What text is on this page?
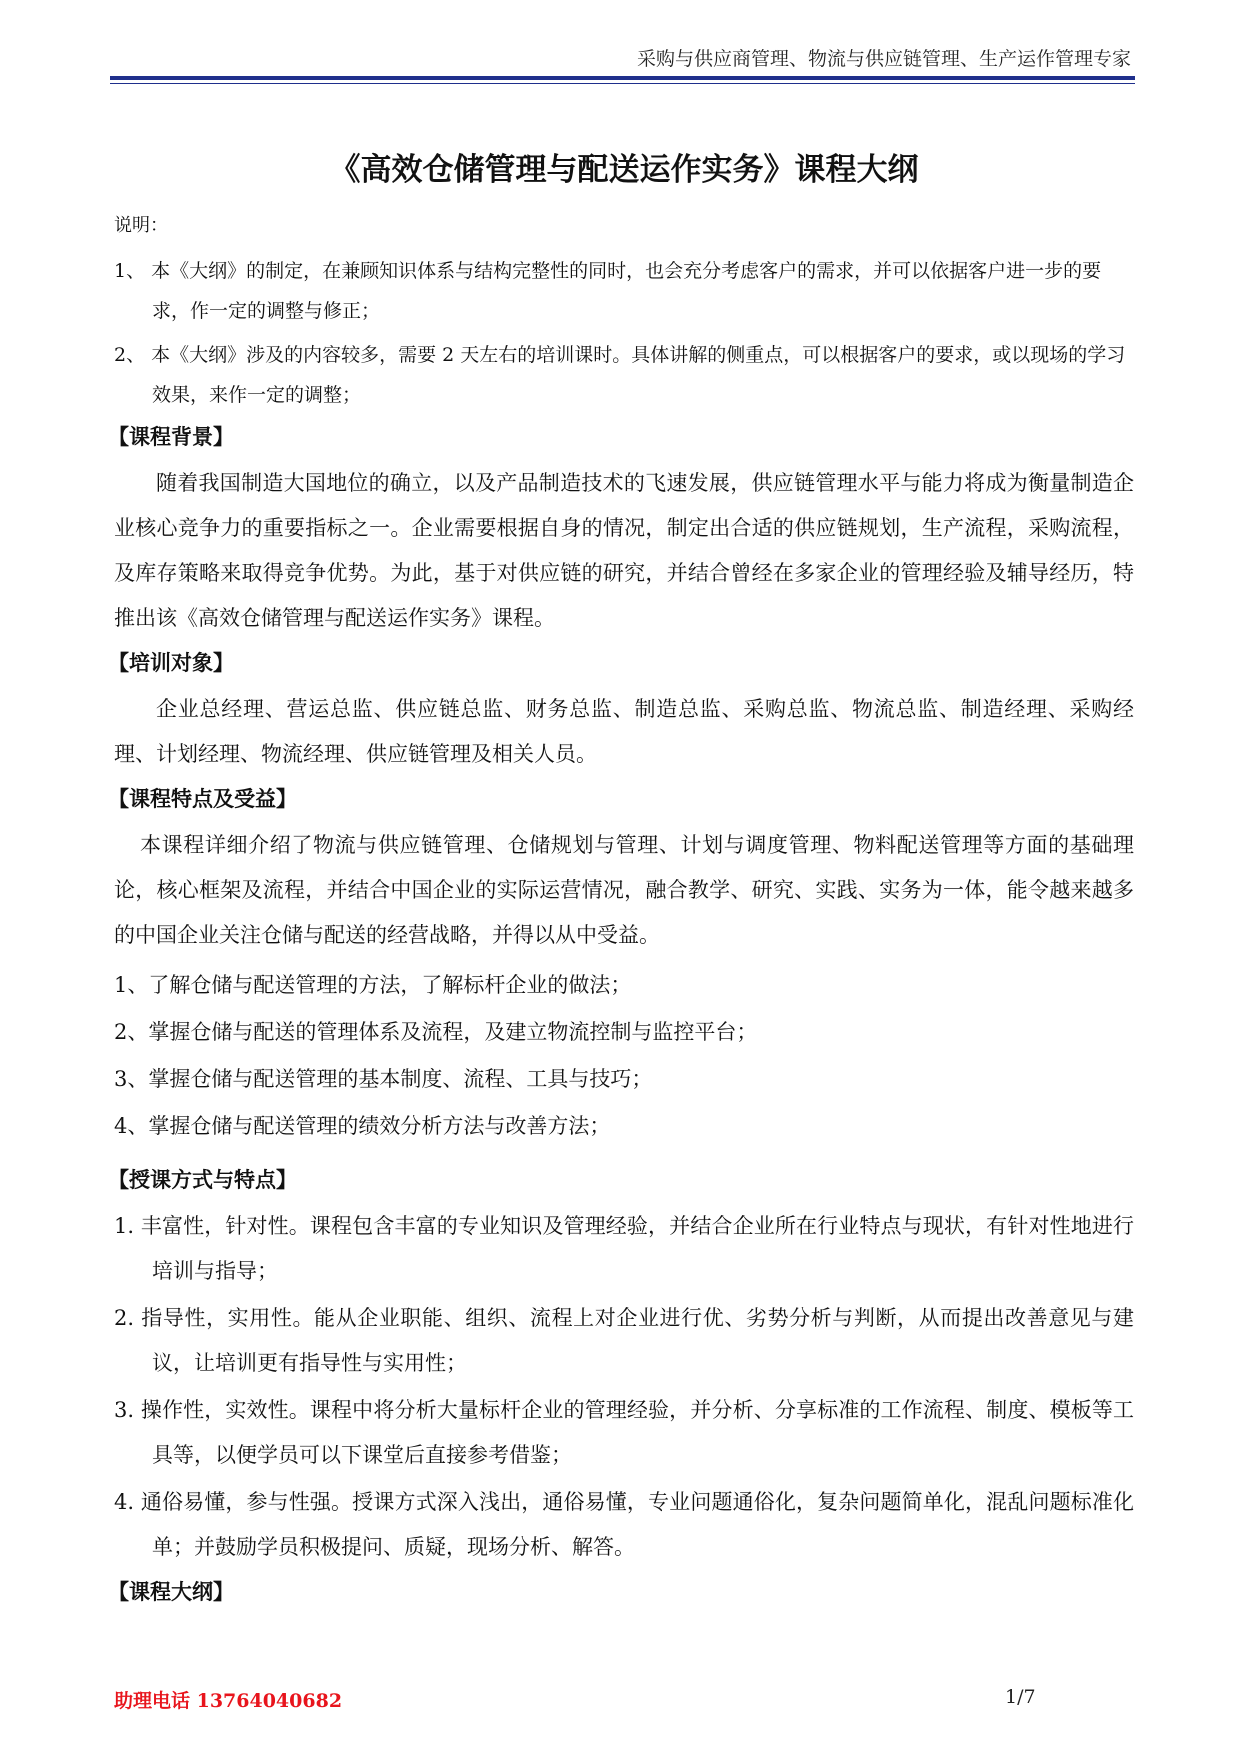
采购与供应商管理、物流与供应链管理、生产运作管理专家
《高效仓储管理与配送运作实务》课程大纲
说明：
1、 本《大纲》的制定，在兼顾知识体系与结构完整性的同时，也会充分考虑客户的需求，并可以依据客户进一步的要求，作一定的调整与修正；
2、 本《大纲》涉及的内容较多，需要 2 天左右的培训课时。具体讲解的侧重点，可以根据客户的要求，或以现场的学习效果，来作一定的调整；
【课程背景】
随着我国制造大国地位的确立，以及产品制造技术的飞速发展，供应链管理水平与能力将成为衡量制造企业核心竞争力的重要指标之一。企业需要根据自身的情况，制定出合适的供应链规划，生产流程，采购流程，及库存策略来取得竞争优势。为此，基于对供应链的研究，并结合曾经在多家企业的管理经验及辅导经历，特推出该《高效仓储管理与配送运作实务》课程。
【培训对象】
企业总经理、营运总监、供应链总监、财务总监、制造总监、采购总监、物流总监、制造经理、采购经理、计划经理、物流经理、供应链管理及相关人员。
【课程特点及受益】
本课程详细介绍了物流与供应链管理、仓储规划与管理、计划与调度管理、物料配送管理等方面的基础理论，核心框架及流程，并结合中国企业的实际运营情况，融合教学、研究、实践、实务为一体，能令越来越多的中国企业关注仓储与配送的经营战略，并得以从中受益。
1、了解仓储与配送管理的方法，了解标杆企业的做法；
2、掌握仓储与配送的管理体系及流程，及建立物流控制与监控平台；
3、掌握仓储与配送管理的基本制度、流程、工具与技巧；
4、掌握仓储与配送管理的绩效分析方法与改善方法；
【授课方式与特点】
1. 丰富性，针对性。课程包含丰富的专业知识及管理经验，并结合企业所在行业特点与现状，有针对性地进行培训与指导；
2. 指导性，实用性。能从企业职能、组织、流程上对企业进行优、劣势分析与判断，从而提出改善意见与建议，让培训更有指导性与实用性；
3. 操作性，实效性。课程中将分析大量标杆企业的管理经验，并分析、分享标准的工作流程、制度、模板等工具等，以便学员可以下课堂后直接参考借鉴；
4. 通俗易懂，参与性强。授课方式深入浅出，通俗易懂，专业问题通俗化，复杂问题简单化，混乱问题标准化单；并鼓励学员积极提问、质疑，现场分析、解答。
【课程大纲】
助理电话 13764040682	1/7
